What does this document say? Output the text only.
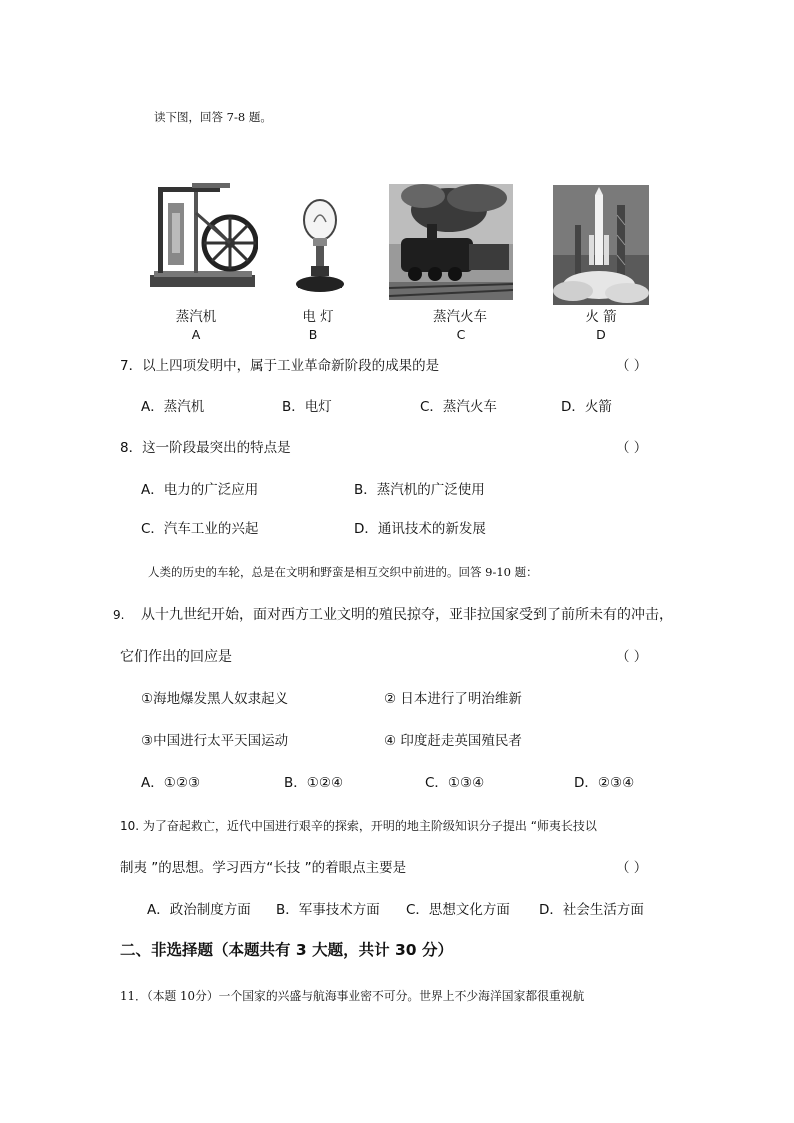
读下图，回答 7-8 题。
蒸汽机
A
电 灯
B
蒸汽火车
C
火 箭
D
7．以上四项发明中，属于工业革命新阶段的成果的是	（ ）
A．蒸汽机	B．电灯	C．蒸汽火车	D．火箭
8．这一阶段最突出的特点是	（ ）
A．电力的广泛应用	B．蒸汽机的广泛使用
C．汽车工业的兴起	D．通讯技术的新发展
人类的历史的车轮，总是在文明和野蛮是相互交织中前进的。回答 9-10 题：
9. 从十九世纪开始，面对西方工业文明的殖民掠夺，亚非拉国家受到了前所未有的冲击，
它们作出的回应是	（ ）
①海地爆发黑人奴隶起义	② 日本进行了明治维新
③中国进行太平天国运动	④ 印度赶走英国殖民者
A．①②③	B．①②④	C．①③④	D．②③④
10. 为了奋起救亡，近代中国进行艰辛的探索，开明的地主阶级知识分子提出 “师夷长技以
制夷 ”的思想。学习西方“长技 ”的着眼点主要是	（ ）
A．政治制度方面 B．军事技术方面 C．思想文化方面 D．社会生活方面
二、非选择题（本题共有 3 大题，共计 30 分）
11．（本题 10分）一个国家的兴盛与航海事业密不可分。世界上不少海洋国家都很重视航
